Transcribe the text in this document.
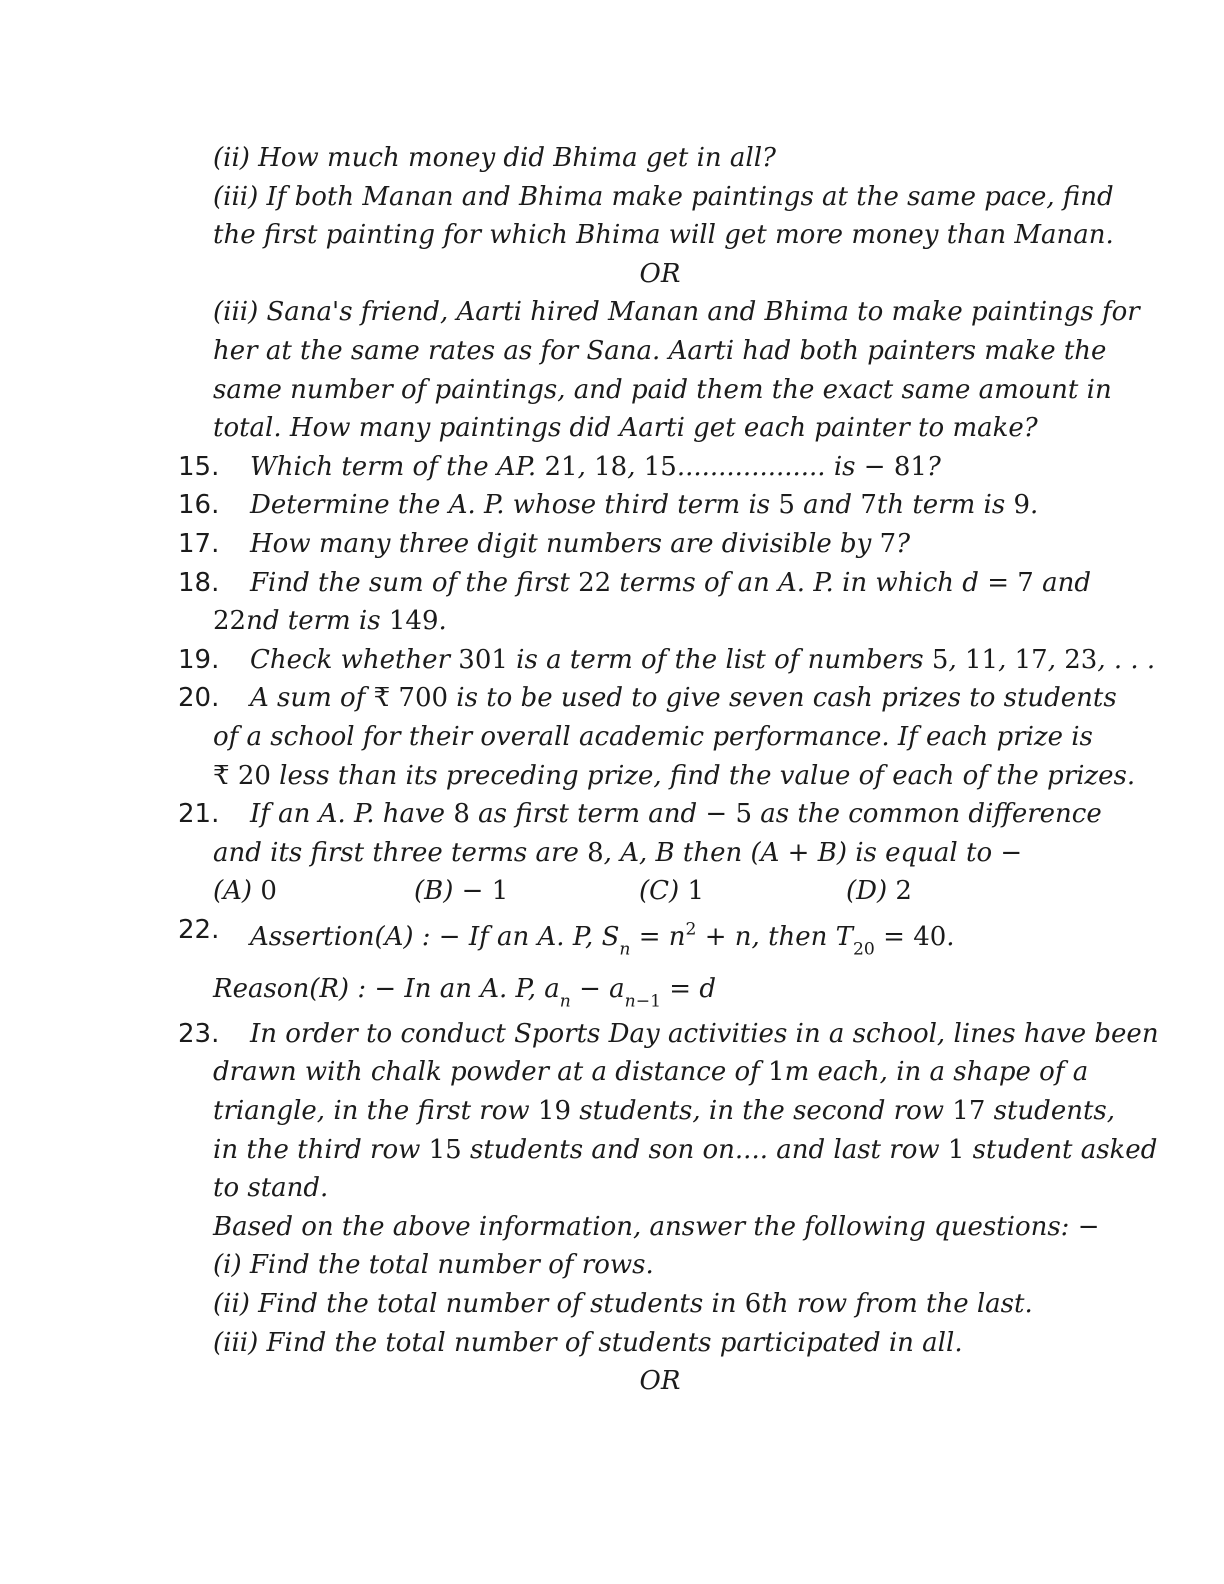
(ii) How much money did Bhima get in all?
(iii) If both Manan and Bhima make paintings at the same pace, find
the first painting for which Bhima will get more money than Manan.
OR
(iii) Sana's friend, Aarti hired Manan and Bhima to make paintings for
her at the same rates as for Sana. Aarti had both painters make the
same number of paintings, and paid them the exact same amount in
total. How many paintings did Aarti get each painter to make?
15.	Which term of the AP. 21, 18, 15.................. is − 81?
16.	Determine the A. P. whose third term is 5 and 7th term is 9.
17.	How many three digit numbers are divisible by 7?
18.	Find the sum of the first 22 terms of an A. P. in which d = 7 and
22nd term is 149.
19.	Check whether 301 is a term of the list of numbers 5, 11, 17, 23, . . .
20.	A sum of ₹ 700 is to be used to give seven cash prizes to students
of a school for their overall academic performance. If each prize is
₹ 20 less than its preceding prize, find the value of each of the prizes.
21.	If an A. P. have 8 as first term and − 5 as the common difference
and its first three terms are 8, A, B then (A + B) is equal to −
(A) 0	(B) − 1	(C) 1	(D) 2
22.	Assertion(A) : − If an A. P, $S_n = n^2 + n$, then $T_{20} = 40$.
Reason(R) : − In an A. P, $a_n - a_{n-1} = d$
23.	In order to conduct Sports Day activities in a school, lines have been
drawn with chalk powder at a distance of 1m each, in a shape of a
triangle, in the first row 19 students, in the second row 17 students,
in the third row 15 students and son on.... and last row 1 student asked
to stand.
Based on the above information, answer the following questions: −
(i) Find the total number of rows.
(ii) Find the total number of students in 6th row from the last.
(iii) Find the total number of students participated in all.
OR
